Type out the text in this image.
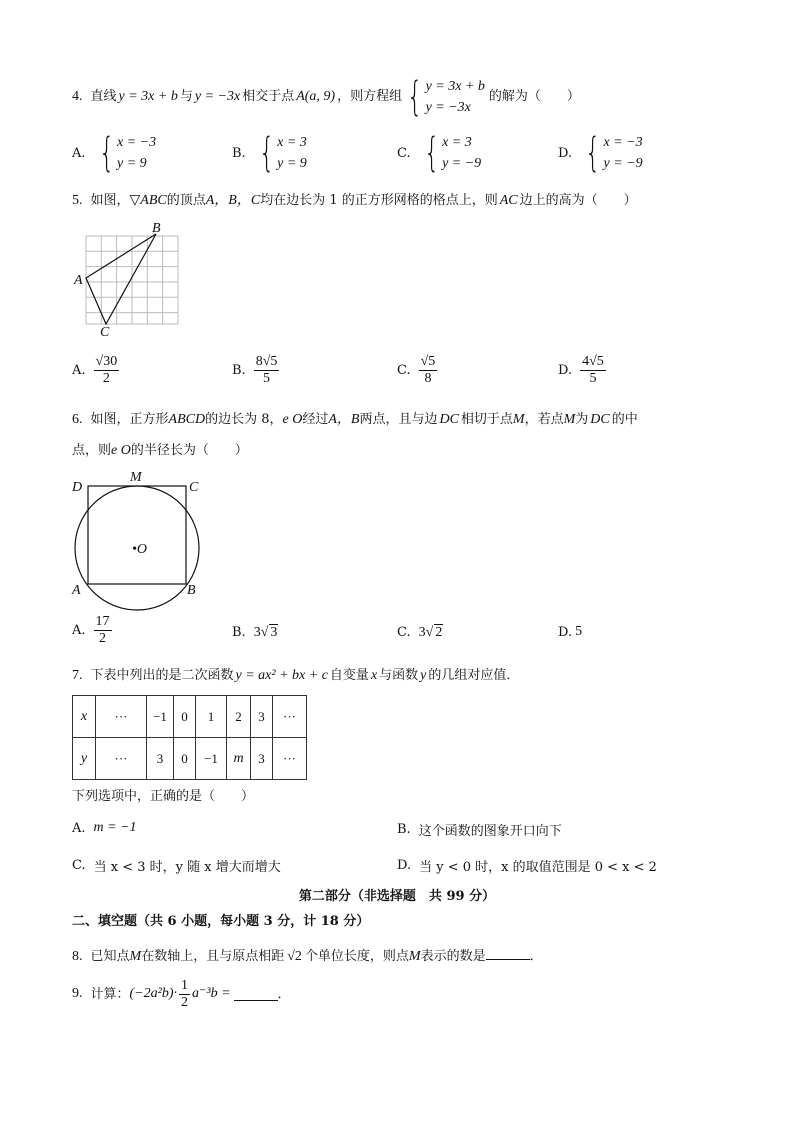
4. 直线 y = 3x + b 与 y = −3x 相交于点 A(a, 9) ，则方程组 { y = 3x + b
y = −3x
的解为（　　）
A. { x = −3
y = 9
B. { x = 3
y = 9
C. { x = 3
y = −9
D. { x = −3
y = −9
5. 如图，▽ABC的顶点A，B，C均在边长为 1 的正方形网格的格点上，则 AC 边上的高为（　　）
A
B
C
A. $\frac{√30}{2}$	B. $\frac{8√5}{5}$	C. $\frac{√5}{8}$	D. $\frac{4√5}{5}$
6. 如图，正方形ABCD的边长为 8，e O经过A，B两点，且与边 DC 相切于点M，若点M为 DC 的中
点，则e O的半径长为（　　）
D
M
C
•O
A	B
A. $\frac{17}{2}$	B. 3 √ 3	C. 3 √ 2	D. 5
7. 下表中列出的是二次函数 y = ax² + bx + c 自变量 x 与函数 y 的几组对应值．
x	···	−1	0	1	2	3	···
y	···	3	0	−1	m	3	···
下列选项中，正确的是（　　）
A. m = −1	B. 这个函数的图象开口向下
C. 当 x < 3 时，y 随 x 增大而增大	D. 当 y < 0 时，x 的取值范围是 0 < x < 2
第二部分（非选择题　共 99 分）
二、填空题（共 6 小题，每小题 3 分，计 18 分）
8. 已知点M在数轴上，且与原点相距 √2 个单位长度，则点M表示的数是	．
9. 计算： $(-2a^2b)\cdot \frac{1}{2} a^{-3}b$ =	．
